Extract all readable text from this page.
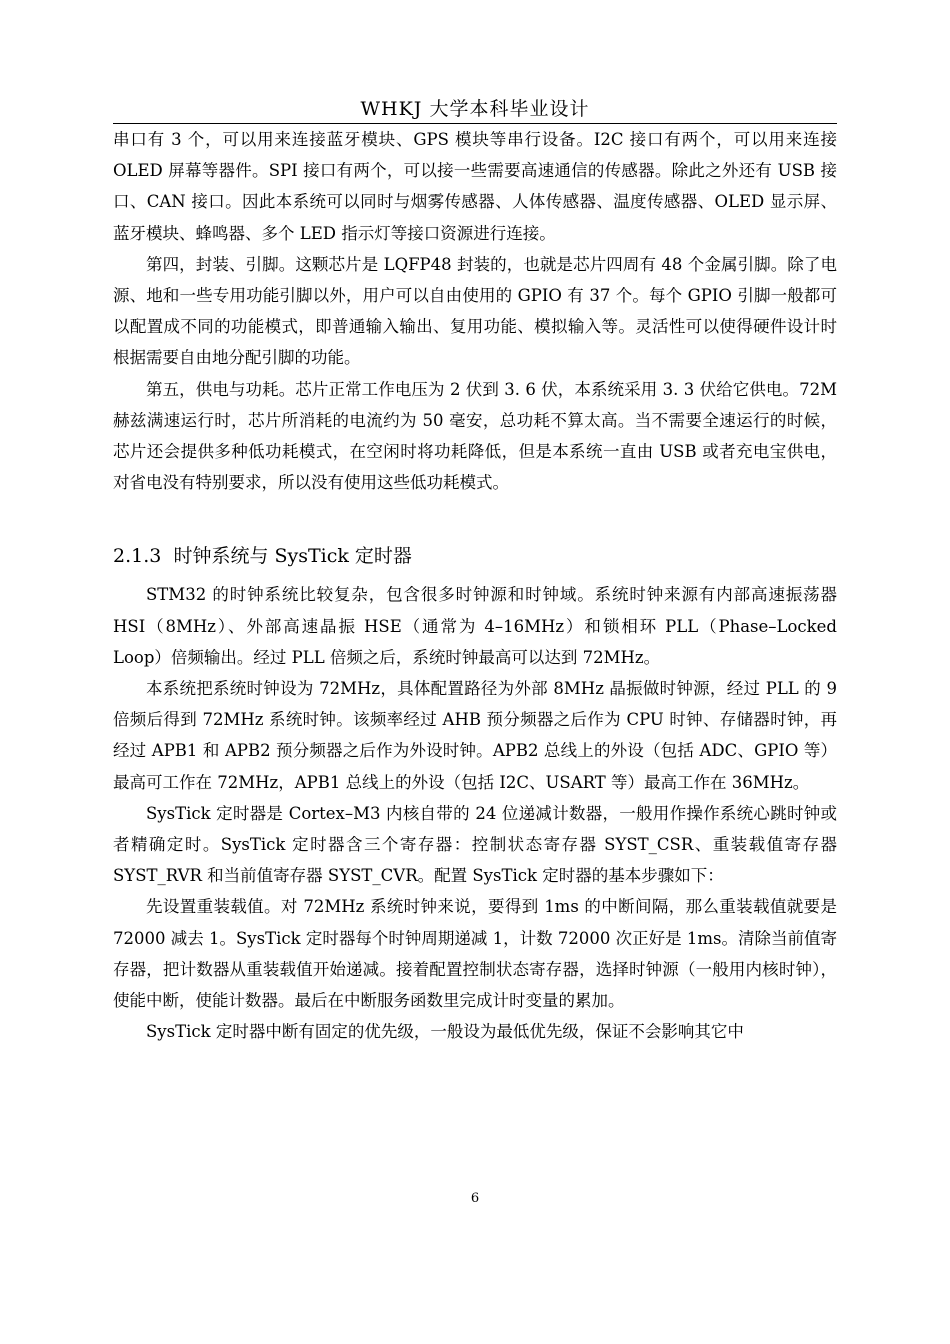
WHKJ 大学本科毕业设计

串口有 3 个，可以用来连接蓝牙模块、GPS 模块等串行设备。I2C 接口有两个，可以用来连接 OLED 屏幕等器件。SPI 接口有两个，可以接一些需要高速通信的传感器。除此之外还有 USB 接口、CAN 接口。因此本系统可以同时与烟雾传感器、人体传感器、温度传感器、OLED 显示屏、蓝牙模块、蜂鸣器、多个 LED 指示灯等接口资源进行连接。

第四，封装、引脚。这颗芯片是 LQFP48 封装的，也就是芯片四周有 48 个金属引脚。除了电源、地和一些专用功能引脚以外，用户可以自由使用的 GPIO 有 37 个。每个 GPIO 引脚一般都可以配置成不同的功能模式，即普通输入输出、复用功能、模拟输入等。灵活性可以使得硬件设计时根据需要自由地分配引脚的功能。

第五，供电与功耗。芯片正常工作电压为 2 伏到 3. 6 伏，本系统采用 3. 3 伏给它供电。72M 赫兹满速运行时，芯片所消耗的电流约为 50 毫安，总功耗不算太高。当不需要全速运行的时候，芯片还会提供多种低功耗模式，在空闲时将功耗降低，但是本系统一直由 USB 或者充电宝供电，对省电没有特别要求，所以没有使用这些低功耗模式。

2.1.3 时钟系统与 SysTick 定时器

STM32 的时钟系统比较复杂，包含很多时钟源和时钟域。系统时钟来源有内部高速振荡器 HSI（8MHz）、外部高速晶振 HSE（通常为 4–16MHz）和锁相环 PLL（Phase–Locked Loop）倍频输出。经过 PLL 倍频之后，系统时钟最高可以达到 72MHz。

本系统把系统时钟设为 72MHz，具体配置路径为外部 8MHz 晶振做时钟源，经过 PLL 的 9 倍频后得到 72MHz 系统时钟。该频率经过 AHB 预分频器之后作为 CPU 时钟、存储器时钟，再经过 APB1 和 APB2 预分频器之后作为外设时钟。APB2 总线上的外设（包括 ADC、GPIO 等）最高可工作在 72MHz，APB1 总线上的外设（包括 I2C、USART 等）最高工作在 36MHz。

SysTick 定时器是 Cortex–M3 内核自带的 24 位递减计数器，一般用作操作系统心跳时钟或者精确定时。SysTick 定时器含三个寄存器：控制状态寄存器 SYST_CSR、重装载值寄存器 SYST_RVR 和当前值寄存器 SYST_CVR。配置 SysTick 定时器的基本步骤如下：

先设置重装载值。对 72MHz 系统时钟来说，要得到 1ms 的中断间隔，那么重装载值就要是 72000 减去 1。SysTick 定时器每个时钟周期递减 1，计数 72000 次正好是 1ms。清除当前值寄存器，把计数器从重装载值开始递减。接着配置控制状态寄存器，选择时钟源（一般用内核时钟），使能中断，使能计数器。最后在中断服务函数里完成计时变量的累加。

SysTick 定时器中断有固定的优先级，一般设为最低优先级，保证不会影响其它中

6
